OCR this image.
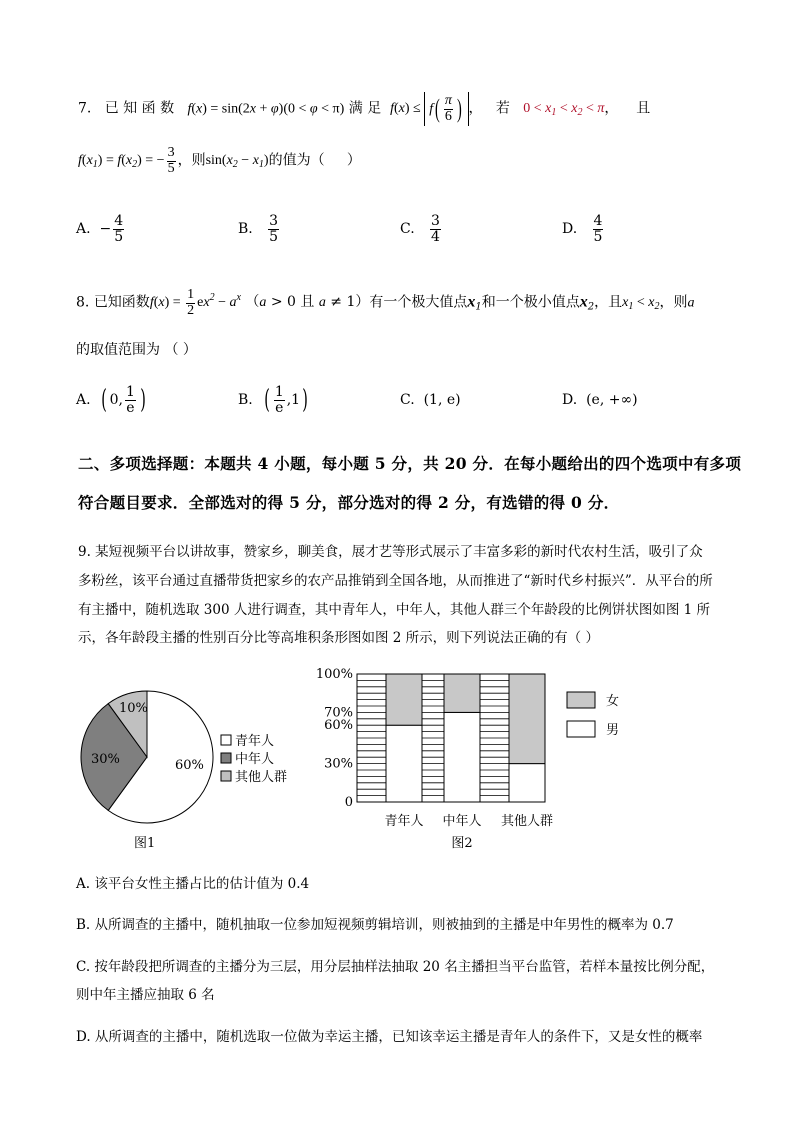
7. 已 知 函 数 f(x) = sin(2x + φ)(0 < φ < π) 满 足 $f(x) \le f( \frac{\pi}{6}$ ) ， 若 $0 < x_1 < x_2 < \pi$， 且
$f(x_1) = f(x_2)$ = − $\frac{3}{5}$ ，则$\sin(x_2 - x_1)$的值为（     ）
A.  − $\frac{4}{5}$	B. $\frac{3}{5}$	C. $\frac{3}{4}$	D. $\frac{4}{5}$
8. 已知函数$f(x) = \frac{1}{2} ex^2 - a^x$ （a > 0 且 a ≠ 1）有一个极大值点$x_1$和一个极小值点$x_2$，且$x_1 < x_2$，则a
的取值范围为 （ ）
A. ( 0, $\frac{1}{e}$ )	B. ( $\frac{1}{e} ,1$)	C.  (1, e)	D.  (e, +∞)
二、多项选择题：本题共 4 小题，每小题 5 分，共 20 分．在每小题给出的四个选项中有多项
符合题目要求．全部选对的得 5 分，部分选对的得 2 分，有选错的得 0 分．
9. 某短视频平台以讲故事，赞家乡，聊美食，展才艺等形式展示了丰富多彩的新时代农村生活，吸引了众
多粉丝，该平台通过直播带货把家乡的农产品推销到全国各地，从而推进了“新时代乡村振兴”．从平台的所
有主播中，随机选取 300 人进行调查，其中青年人，中年人，其他人群三个年龄段的比例饼状图如图 1 所
示，各年龄段主播的性别百分比等高堆积条形图如图 2 所示，则下列说法正确的有（ ）
60%
30%
10%
青年人
中年人
其他人群
图1
0
30%
60%
70%
100%
青年人 中年人 其他人群
女
男
图2
A. 该平台女性主播占比的估计值为 0.4
B. 从所调查的主播中，随机抽取一位参加短视频剪辑培训，则被抽到的主播是中年男性的概率为 0.7
C. 按年龄段把所调查的主播分为三层，用分层抽样法抽取 20 名主播担当平台监管，若样本量按比例分配，
则中年主播应抽取 6 名
D. 从所调查的主播中，随机选取一位做为幸运主播，已知该幸运主播是青年人的条件下，又是女性的概率
